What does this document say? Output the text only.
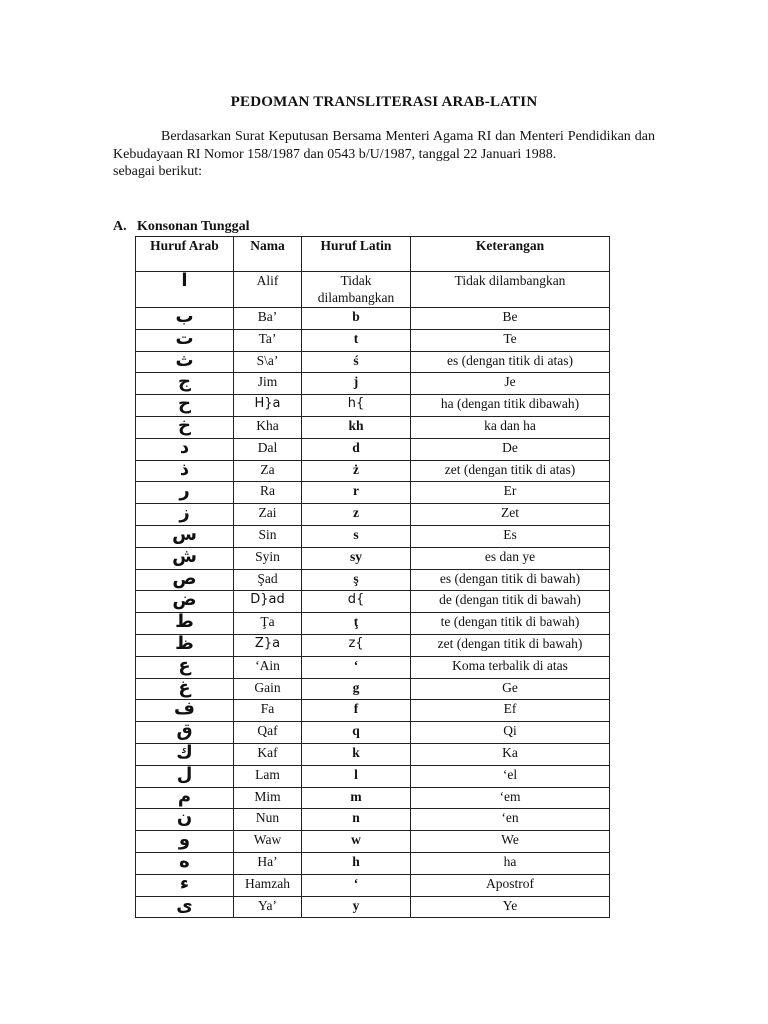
PEDOMAN TRANSLITERASI ARAB-LATIN

Berdasarkan Surat Keputusan Bersama Menteri Agama RI dan Menteri Pendidikan dan Kebudayaan RI Nomor 158/1987 dan 0543 b/U/1987, tanggal 22 Januari 1988.

sebagai berikut:

A. Konsonan Tunggal
Huruf Arab	Nama	Huruf Latin	Keterangan
ا	Alif	Tidak dilambangkan	Tidak dilambangkan
ب	Ba’	b	Be
ت	Ta’	t	Te
ث	S\a’	ś	es (dengan titik di atas)
ج	Jim	j	Je
ح	H}a	h{	ha (dengan titik dibawah)
خ	Kha	kh	ka dan ha
د	Dal	d	De
ذ	Za	ż	zet (dengan titik di atas)
ر	Ra	r	Er
ز	Zai	z	Zet
س	Sin	s	Es
ش	Syin	sy	es dan ye
ص	Şad	ş	es (dengan titik di bawah)
ض	D}ad	d{	de (dengan titik di bawah)
ط	Ţa	ţ	te (dengan titik di bawah)
ظ	Z}a	z{	zet (dengan titik di bawah)
ع	‘Ain	‘	Koma terbalik di atas
غ	Gain	g	Ge
ف	Fa	f	Ef
ق	Qaf	q	Qi
ك	Kaf	k	Ka
ل	Lam	l	‘el
م	Mim	m	‘em
ن	Nun	n	‘en
و	Waw	w	We
ه	Ha’	h	ha
ء	Hamzah	‘	Apostrof
ى	Ya’	y	Ye
